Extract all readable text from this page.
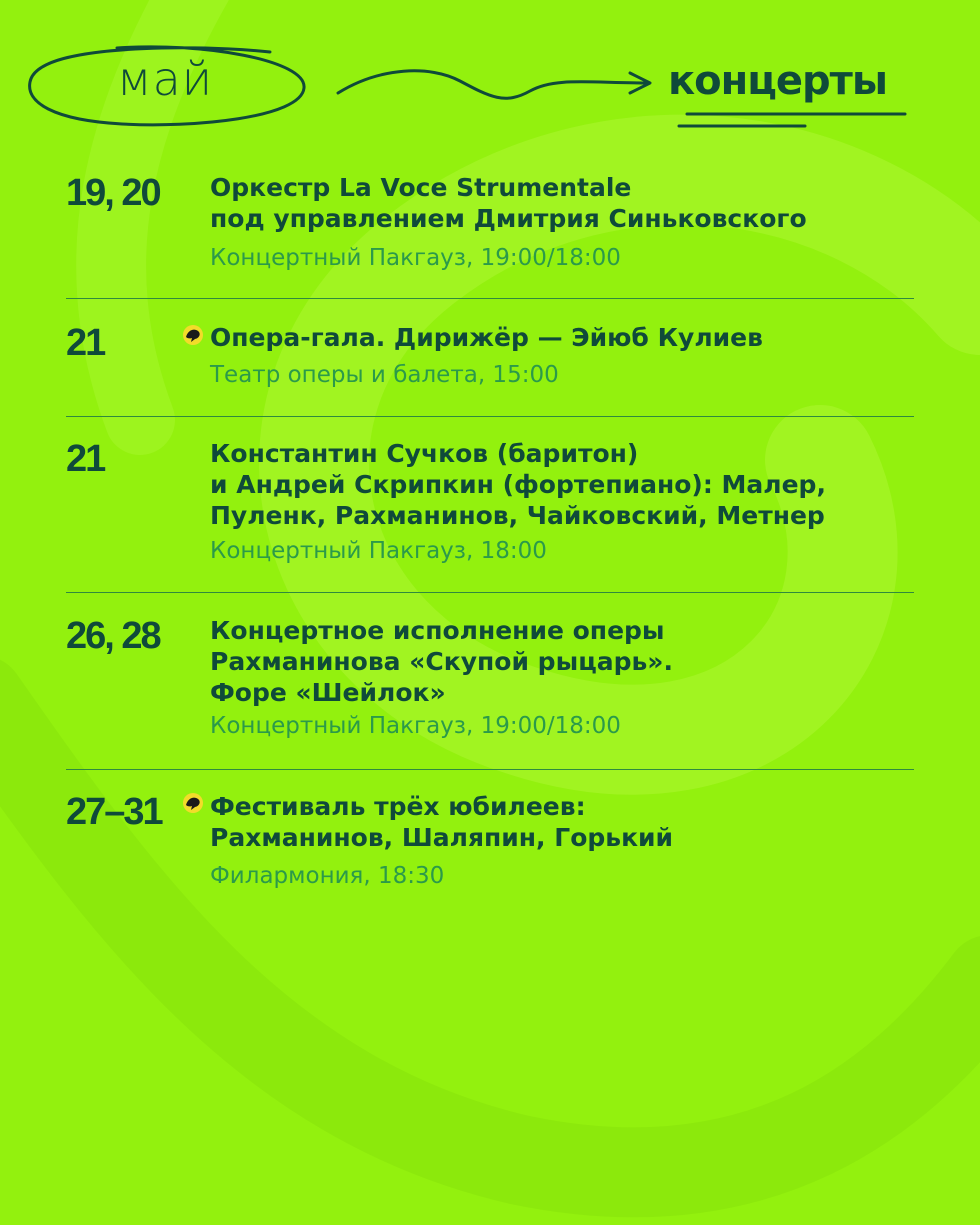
май	концерты
19, 20 Оркестр La Voce Strumentale
под управлением Дмитрия Синьковского
Концертный Пакгауз, 19:00/18:00
21	Опера-гала. Дирижёр — Эйюб Кулиев
Театр оперы и балета, 15:00
21	Константин Сучков (баритон)
и Андрей Скрипкин (фортепиано): Малер,
Пуленк, Рахманинов, Чайковский, Метнер
Концертный Пакгауз, 18:00
26, 28 Концертное исполнение оперы
Рахманинова «Скупой рыцарь».
Форе «Шейлок»
Концертный Пакгауз, 19:00/18:00
27–31 Фестиваль трёх юбилеев:
Рахманинов, Шаляпин, Горький
Филармония, 18:30
